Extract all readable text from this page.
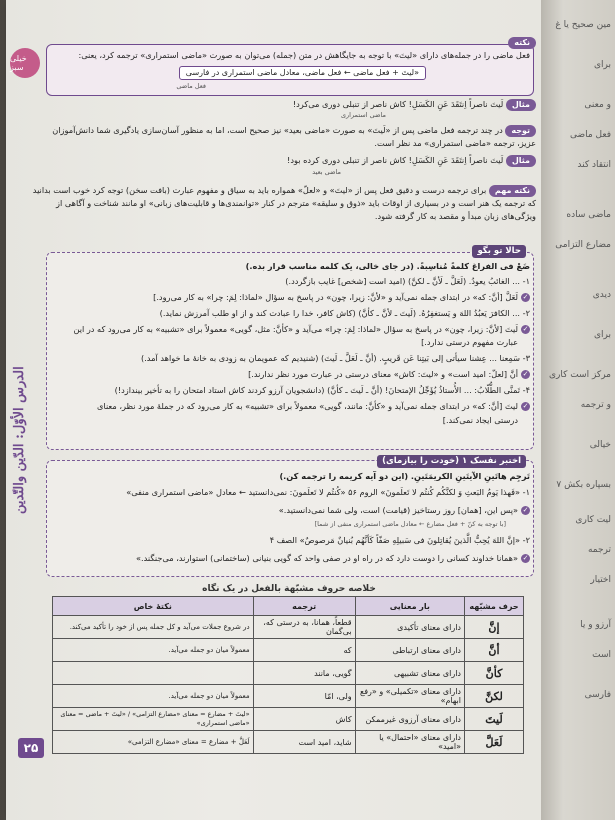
خیلی سبز
الدرس الأوّل: الدّين والتّدين
۲۵
نکته
فعل ماضی را در جمله‌های دارای «لیتَ» با توجه به جایگاهش در متن (جمله) می‌توان به صورت «ماضی استمراری» ترجمه کرد، یعنی:
«لیتَ + فعل ماضی ← فعل ماضی، معادل ماضی استمراری در فارسی
فعل ماضی
مثال لَیتَ ناصراً اِنتَقَدَ عَنِ الکَسَلِ! کاش ناصر از تنبلی دوری می‌کرد!
ماضی استمراری
توجه در چند ترجمه فعل ماضی پس از «لَیتَ» به صورت «ماضی بعید» نیز صحیح است، اما به منظور آسان‌سازی یادگیری شما دانش‌آموزان
عزیز، ترجمه «ماضی استمراری» مد نظر است.
مثال لَیتَ ناصراً اِنتَقَدَ عَنِ الکَسَلِ! کاش ناصر از تنبلی دوری کرده بود!
ماضی بعید
نکته مهم برای ترجمه درست و دقیق فعل پس از «لیتَ» و «لعلّ» همواره باید به سیاق و مفهوم عبارت (بافت سخن) توجه کرد خوب است بدانید
که ترجمه یک هنر است و در بسیاری از اوقات باید «ذوق و سلیقه» مترجم در کنار «توانمندی‌ها و قابلیت‌های زبانی» او مانند شناخت و آگاهی از
ویژگی‌های زبان مبدأ و مقصد به کار گرفته شود.
حالا تو بگو
ضَعْ فی الفراغ کلمةً مُناسِبةً. (در جای خالی، یک کلمه مناسب قرار بده.)
۱- ... الغائبُ یعودُ. (لَعَلَّ ـ لَأنَّ ـ لکنَّ) (امید است [شخص] غایب بازگردد.)
✓لَعَلَّ [أنَّ: که» در ابتدای جمله نمی‌آید و «لأنَّ: زیرا، چون» در پاسخ به سؤال «لماذا: لِمَ: چرا» به کار می‌رود.]
۲- ... الکافرَ یَعبُدُ اللهَ و یَستغفِرُهُ. (لَیتَ ـ لأنَّ ـ کأنَّ) (کاش کافر، خدا را عبادت کند و از او طلب آمرزش نماید.)
✓لَیتَ [لأنَّ: زیرا، چون» در پاسخ به سؤال «لماذا: لِمَ: چرا» می‌آید و «کأنَّ: مثل، گویی» معمولاً برای «تشبیه» به کار می‌رود که در این
عبارت مفهوم درستی ندارد.]
۳- سَمِعنا ... عِشنا سیأتی إلی بَیتِنا عَن قَریبٍ. (أنَّ ـ لَعَلَّ ـ لَیتَ) (شنیدیم که عمویمان به زودی به خانهٔ ما خواهد آمد.)
✓أنَّ [لعلّ: امید است» و «لیتَ: کاش» معنای درستی در عبارت مورد نظر ندارند.]
۴- تَمنَّی الطُّلّابُ: ... الأُستاذُ یُؤَجِّلُ الإمتحانَ! (أنَّ ـ لَیتَ ـ کأنَّ) (دانشجویان آرزو کردند کاش استاد امتحان را به تأخیر بیندازد!)
✓لیتَ [أنَّ: که» در ابتدای جمله نمی‌آید و «کأنَّ: مانند، گویی» معمولاً برای «تشبیه» به کار می‌رود که در جملهٔ مورد نظر، معنای
درستی ایجاد نمی‌کند.]
اختبر نفسک ۱ (خودت را بیازمای)
تَرجِم هاتَینِ الآیتَینِ الکریمَتَینِ. (این دو آیه کریمه را ترجمه کن.)
۱- «فَهذا یَومُ البَعثِ وَ لکنَّکُم کُنتُم لا تَعلَمونَ» الروم ۵۶ «کُنتُم لا تَعلَمونَ: نمی‌دانستید ← معادل «ماضی استمراری منفی»
✓«پس این، [همان] روز رستاخیز (قیامت) است، ولی شما نمی‌دانستید.»
[با توجه به کنّ + فعل مضارع ← معادل ماضی استمراری منفی از شما]
۲- «إنَّ اللهَ یُحِبُّ الَّذینَ یُقاتِلونَ فی سَبیلِهِ صَفّاً کَأنَّهُم بُنیانٌ مَرصوصٌ» الصف ۴
✓«همانا خداوند کسانی را دوست دارد که در راه او در صفی واحد که گویی بنیانی (ساختمانی) استوارند، می‌جنگند.»
خلاصه حروف مشبّهة بالفعل در یک نگاه
حرف مشبّهه	بار معنایی	ترجمه	نکتهٔ خاص
إنَّ	دارای معنای تأکیدی	قطعاً، همانا، به درستی که، بی‌گمان	در شروع جملات می‌آید و کل جمله پس از خود را تأکید می‌کند.
أنَّ	دارای معنای ارتباطی	که	معمولاً میان دو جمله می‌آید.
کأنَّ	دارای معنای تشبیهی	گویی، مانند	
لکنَّ	دارای معنای «تکمیلی» و «رفع ابهام»	ولی، امّا	معمولاً میان دو جمله می‌آید.
لَیتَ	دارای معنای آرزوی غیرممکن	کاش	«لیتَ + مضارع = معنای «مضارع التزامی» / «لیتَ + ماضی = معنای «ماضی استمراری»
لَعَلَّ	دارای معنای «احتمال» یا «امید»	شاید، امید است	لَعَلَّ + مضارع = معنای «مضارع التزامی»
مین صحیح یا غ
برای
و معنی
فعل ماضی
انتقاد کند
ماضی ساده
مضارع التزامی
دیدی
برای
مرکز است کاری
و ترجمه
خیالی
بسپاره بکش ۷
لیت کاری
ترجمه
اختیار
آرزو و یا
است
فارسی
